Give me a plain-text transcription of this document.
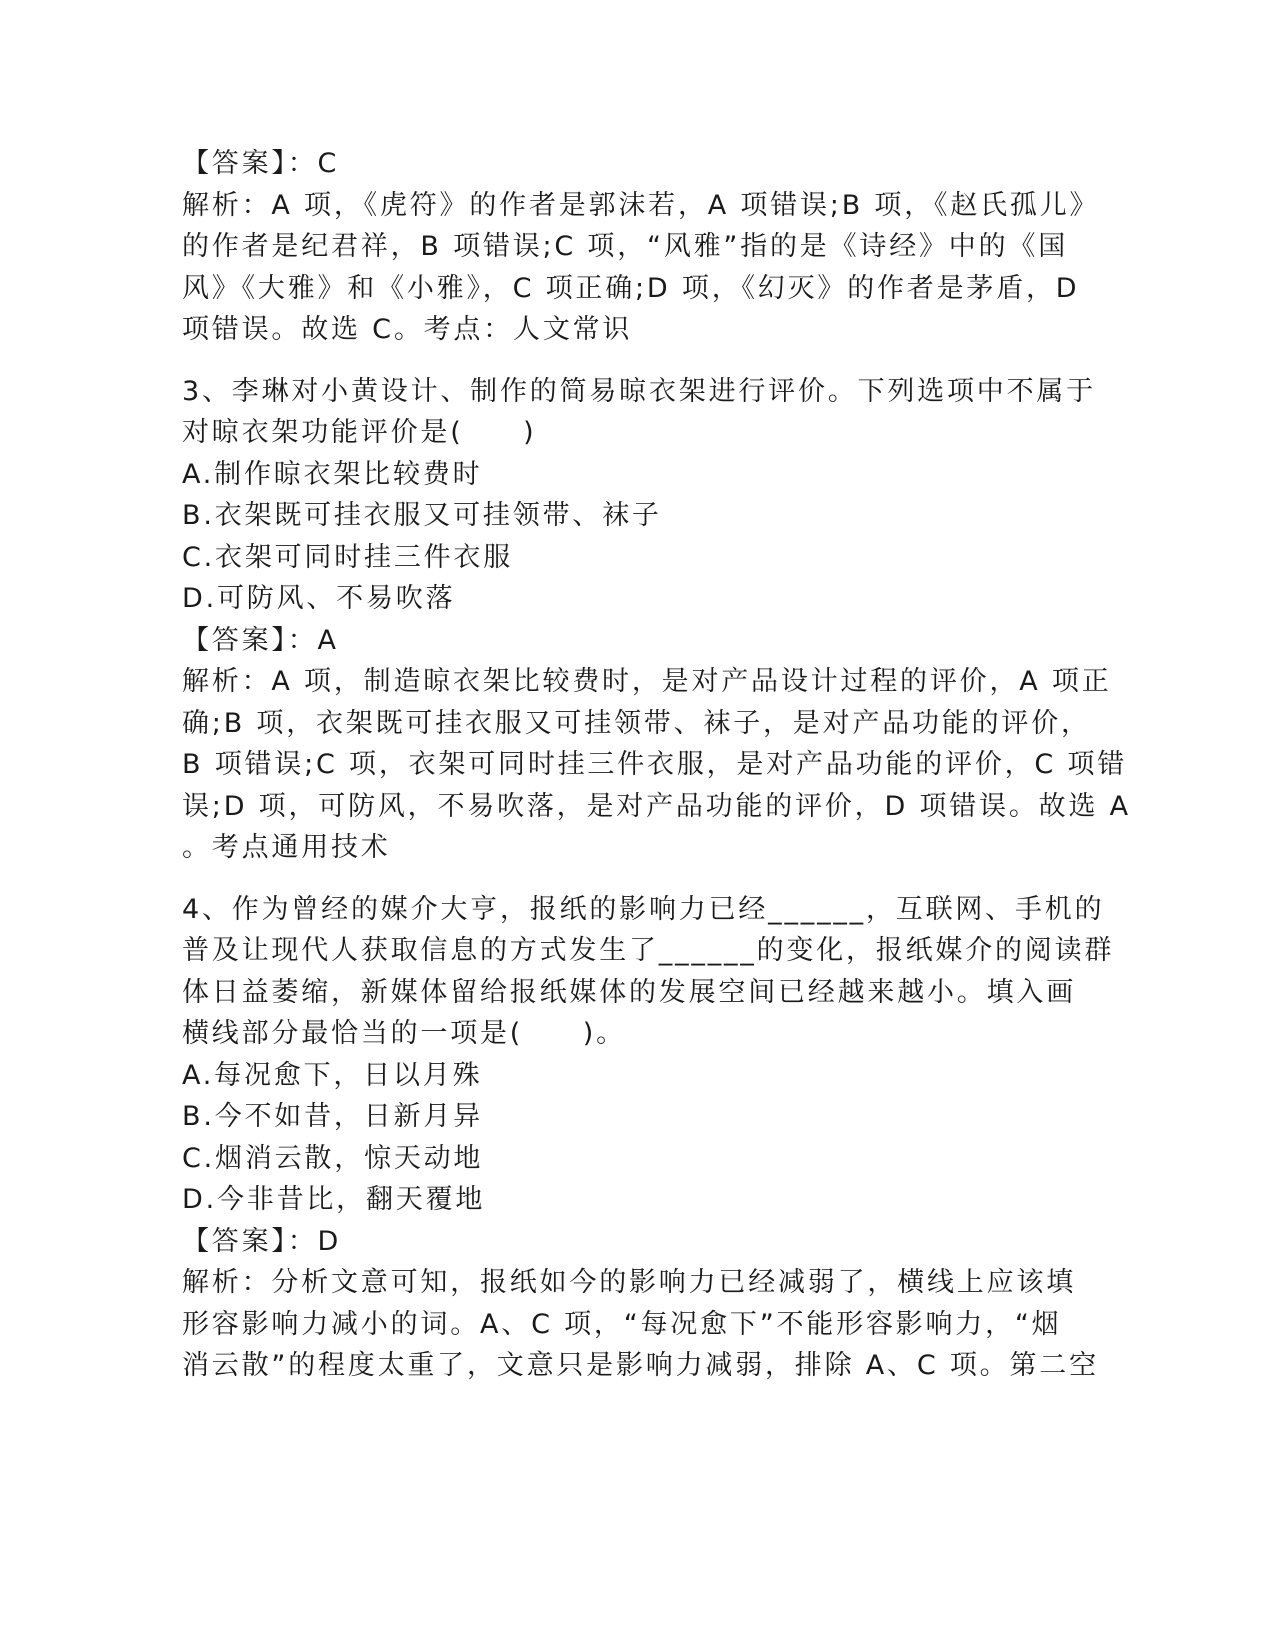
【答案】：C
解析：A 项，《虎符》的作者是郭沫若，A 项错误;B 项，《赵氏孤儿》
的作者是纪君祥，B 项错误;C 项，“风雅”指的是《诗经》中的《国
风》《大雅》和《小雅》，C 项正确;D 项，《幻灭》的作者是茅盾，D
项错误。故选 C。考点：人文常识
3、李琳对小黄设计、制作的简易晾衣架进行评价。下列选项中不属于
对晾衣架功能评价是(　　)
A.制作晾衣架比较费时
B.衣架既可挂衣服又可挂领带、袜子
C.衣架可同时挂三件衣服
D.可防风、不易吹落
【答案】：A
解析：A 项，制造晾衣架比较费时，是对产品设计过程的评价，A 项正
确;B 项，衣架既可挂衣服又可挂领带、袜子，是对产品功能的评价，
B 项错误;C 项，衣架可同时挂三件衣服，是对产品功能的评价，C 项错
误;D 项，可防风，不易吹落，是对产品功能的评价，D 项错误。故选 A
。考点通用技术
4、作为曾经的媒介大亨，报纸的影响力已经______，互联网、手机的
普及让现代人获取信息的方式发生了______的变化，报纸媒介的阅读群
体日益萎缩，新媒体留给报纸媒体的发展空间已经越来越小。填入画
横线部分最恰当的一项是(　　)。
A.每况愈下，日以月殊
B.今不如昔，日新月异
C.烟消云散，惊天动地
D.今非昔比，翻天覆地
【答案】：D
解析：分析文意可知，报纸如今的影响力已经减弱了，横线上应该填
形容影响力减小的词。A、C 项，“每况愈下”不能形容影响力，“烟
消云散”的程度太重了，文意只是影响力减弱，排除 A、C 项。第二空
